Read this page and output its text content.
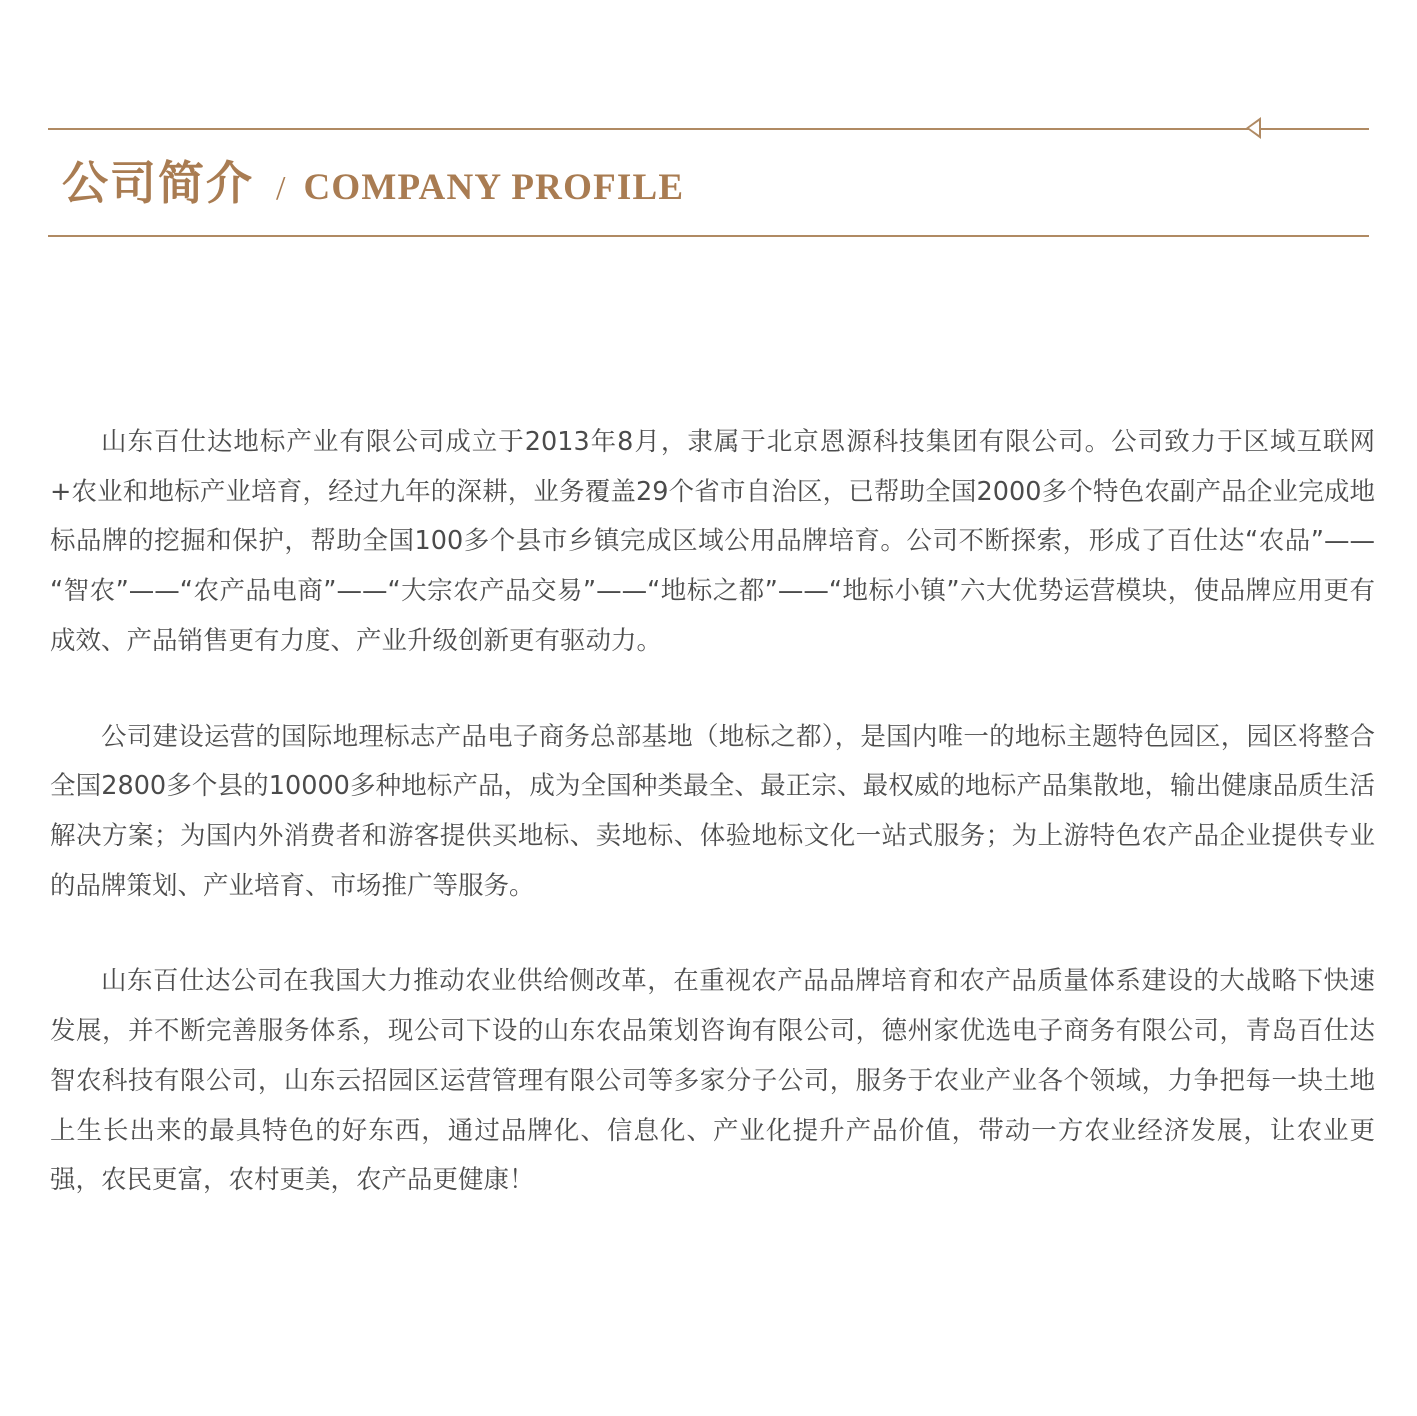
公司简介 / COMPANY PROFILE

山东百仕达地标产业有限公司成立于2013年8月，隶属于北京恩源科技集团有限公司。公司致力于区域互联网+农业和地标产业培育，经过九年的深耕，业务覆盖29个省市自治区，已帮助全国2000多个特色农副产品企业完成地标品牌的挖掘和保护，帮助全国100多个县市乡镇完成区域公用品牌培育。公司不断探索，形成了百仕达“农品”——“智农”——“农产品电商”——“大宗农产品交易”——“地标之都”——“地标小镇”六大优势运营模块，使品牌应用更有成效、产品销售更有力度、产业升级创新更有驱动力。

公司建设运营的国际地理标志产品电子商务总部基地（地标之都），是国内唯一的地标主题特色园区，园区将整合全国2800多个县的10000多种地标产品，成为全国种类最全、最正宗、最权威的地标产品集散地，输出健康品质生活解决方案；为国内外消费者和游客提供买地标、卖地标、体验地标文化一站式服务；为上游特色农产品企业提供专业的品牌策划、产业培育、市场推广等服务。

山东百仕达公司在我国大力推动农业供给侧改革，在重视农产品品牌培育和农产品质量体系建设的大战略下快速发展，并不断完善服务体系，现公司下设的山东农品策划咨询有限公司，德州家优选电子商务有限公司，青岛百仕达智农科技有限公司，山东云招园区运营管理有限公司等多家分子公司，服务于农业产业各个领域，力争把每一块土地上生长出来的最具特色的好东西，通过品牌化、信息化、产业化提升产品价值，带动一方农业经济发展，让农业更强，农民更富，农村更美，农产品更健康！
